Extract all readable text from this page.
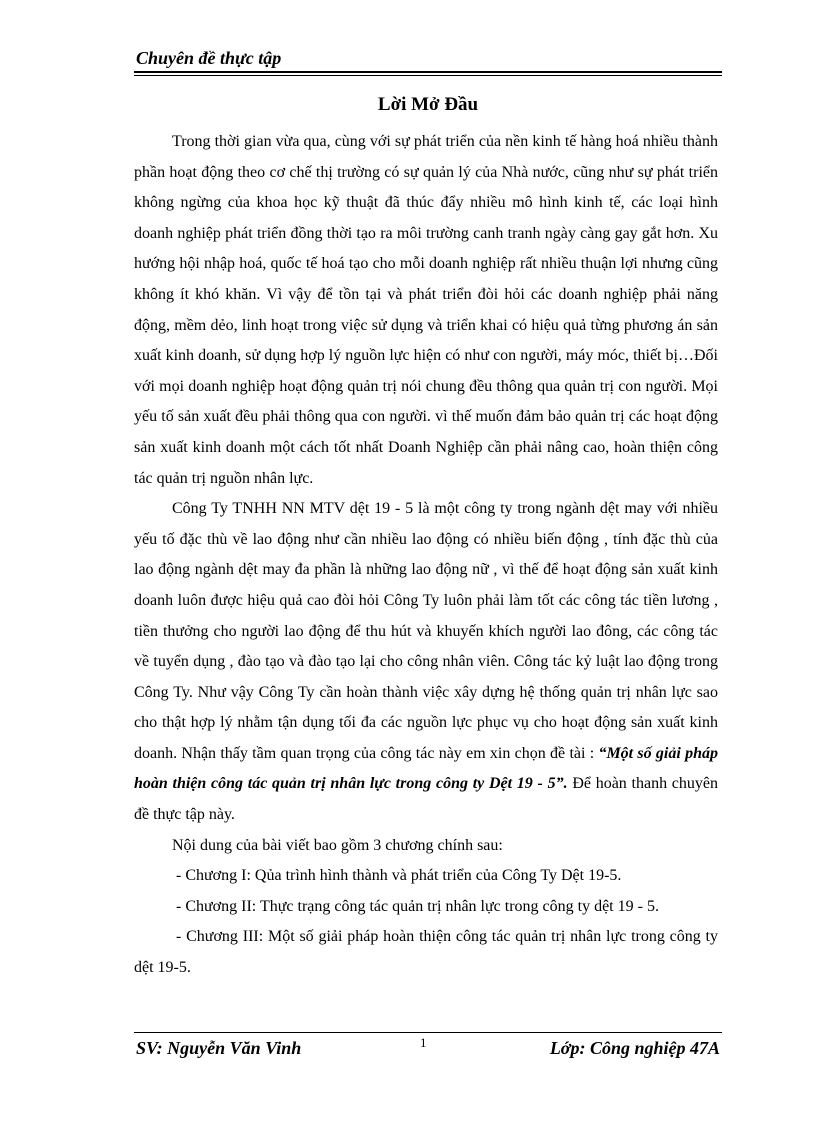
Chuyên đề thực tập
Lời Mở Đầu

Trong thời gian vừa qua, cùng với sự phát triển của nền kinh tế hàng hoá nhiều thành phần hoạt động theo cơ chế thị trường có sự quản lý của Nhà nước, cũng như sự phát triển không ngừng của khoa học kỹ thuật đã thúc đẩy nhiều mô hình kinh tế, các loại hình doanh nghiệp phát triển đồng thời tạo ra môi trường canh tranh ngày càng gay gắt hơn. Xu hướng hội nhập hoá, quốc tế hoá tạo cho mỗi doanh nghiệp rất nhiều thuận lợi nhưng cũng không ít khó khăn. Vì vậy để tồn tại và phát triển đòi hỏi các doanh nghiệp phải năng động, mềm dẻo, linh hoạt trong việc sử dụng và triển khai có hiệu quả từng phương án sản xuất kinh doanh, sử dụng hợp lý nguồn lực hiện có như con người, máy móc, thiết bị…Đối với mọi doanh nghiệp hoạt động quản trị nói chung đều thông qua quản trị con người. Mọi yếu tố sản xuất đều phải thông qua con người. vì thế muốn đảm bảo quản trị các hoạt động sản xuất kinh doanh một cách tốt nhất Doanh Nghiệp cần phải nâng cao, hoàn thiện công tác quản trị nguồn nhân lực.

Công Ty TNHH NN MTV dệt 19 - 5 là một công ty trong ngành dệt may với nhiều yếu tố đặc thù về lao động như cần nhiều lao động có nhiều biến động , tính đặc thù của lao động ngành dệt may đa phần là những lao động nữ , vì thế để hoạt động sản xuất kinh doanh luôn được hiệu quả cao đòi hỏi Công Ty luôn phải làm tốt các công tác tiền lương , tiền thưởng cho người lao động để thu hút và khuyến khích người lao đông, các công tác về tuyển dụng , đào tạo và đào tạo lại cho công nhân viên. Công tác kỷ luật lao động trong Công Ty. Như vậy Công Ty cần hoàn thành việc xây dựng hệ thống quản trị nhân lực sao cho thật hợp lý nhằm tận dụng tối đa các nguồn lực phục vụ cho hoạt động sản xuất kinh doanh. Nhận thấy tầm quan trọng của công tác này em xin chọn đề tài : “Một số giải pháp hoàn thiện công tác quản trị nhân lực trong công ty Dệt 19 - 5”. Để hoàn thanh chuyên đề thực tập này.

Nội dung của bài viết bao gồm 3 chương chính sau:

- Chương I: Qủa trình hình thành và phát triển của Công Ty Dệt 19-5.

- Chương II: Thực trạng công tác quản trị nhân lực trong công ty dệt 19 - 5.

- Chương III: Một số giải pháp hoàn thiện công tác quản trị nhân lực trong công ty dệt 19-5.

SV: Nguyễn Văn Vinh	1	Lớp: Công nghiệp 47A
